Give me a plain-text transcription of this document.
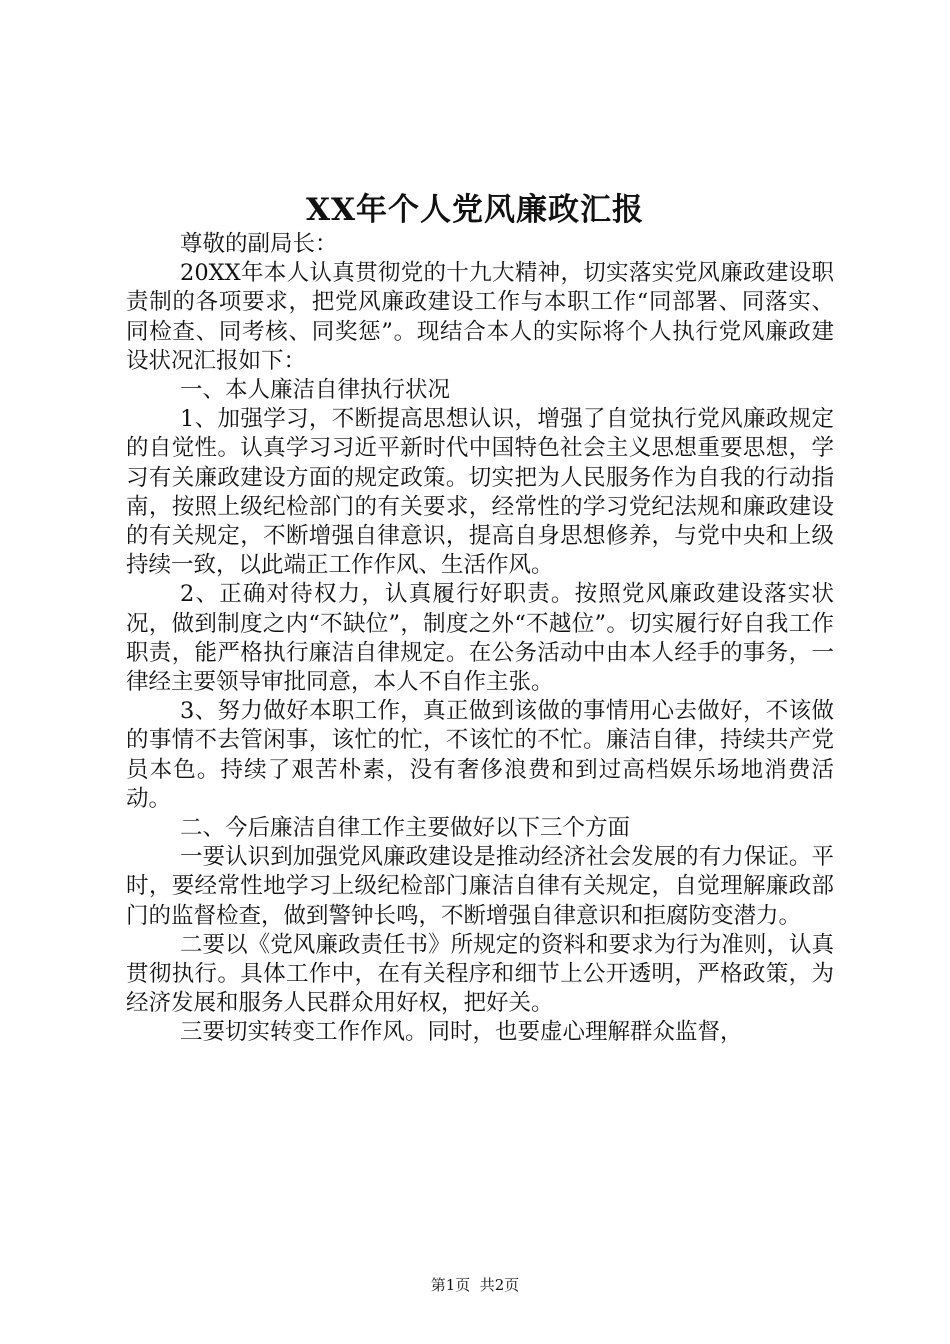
XX年个人党风廉政汇报

尊敬的副局长：

20XX年本人认真贯彻党的十九大精神，切实落实党风廉政建设职责制的各项要求，把党风廉政建设工作与本职工作“同部署、同落实、同检查、同考核、同奖惩”。现结合本人的实际将个人执行党风廉政建设状况汇报如下：

一、本人廉洁自律执行状况

1、加强学习，不断提高思想认识，增强了自觉执行党风廉政规定的自觉性。认真学习习近平新时代中国特色社会主义思想重要思想，学习有关廉政建设方面的规定政策。切实把为人民服务作为自我的行动指南，按照上级纪检部门的有关要求，经常性的学习党纪法规和廉政建设的有关规定，不断增强自律意识，提高自身思想修养，与党中央和上级持续一致，以此端正工作作风、生活作风。

2、正确对待权力，认真履行好职责。按照党风廉政建设落实状况，做到制度之内“不缺位”，制度之外“不越位”。切实履行好自我工作职责，能严格执行廉洁自律规定。在公务活动中由本人经手的事务，一律经主要领导审批同意，本人不自作主张。

3、努力做好本职工作，真正做到该做的事情用心去做好，不该做的事情不去管闲事，该忙的忙，不该忙的不忙。廉洁自律，持续共产党员本色。持续了艰苦朴素，没有奢侈浪费和到过高档娱乐场地消费活动。

二、今后廉洁自律工作主要做好以下三个方面

一要认识到加强党风廉政建设是推动经济社会发展的有力保证。平时，要经常性地学习上级纪检部门廉洁自律有关规定，自觉理解廉政部门的监督检查，做到警钟长鸣，不断增强自律意识和拒腐防变潜力。

二要以《党风廉政责任书》所规定的资料和要求为行为准则，认真贯彻执行。具体工作中，在有关程序和细节上公开透明，严格政策，为经济发展和服务人民群众用好权，把好关。

三要切实转变工作作风。同时，也要虚心理解群众监督，

第1页  共2页
